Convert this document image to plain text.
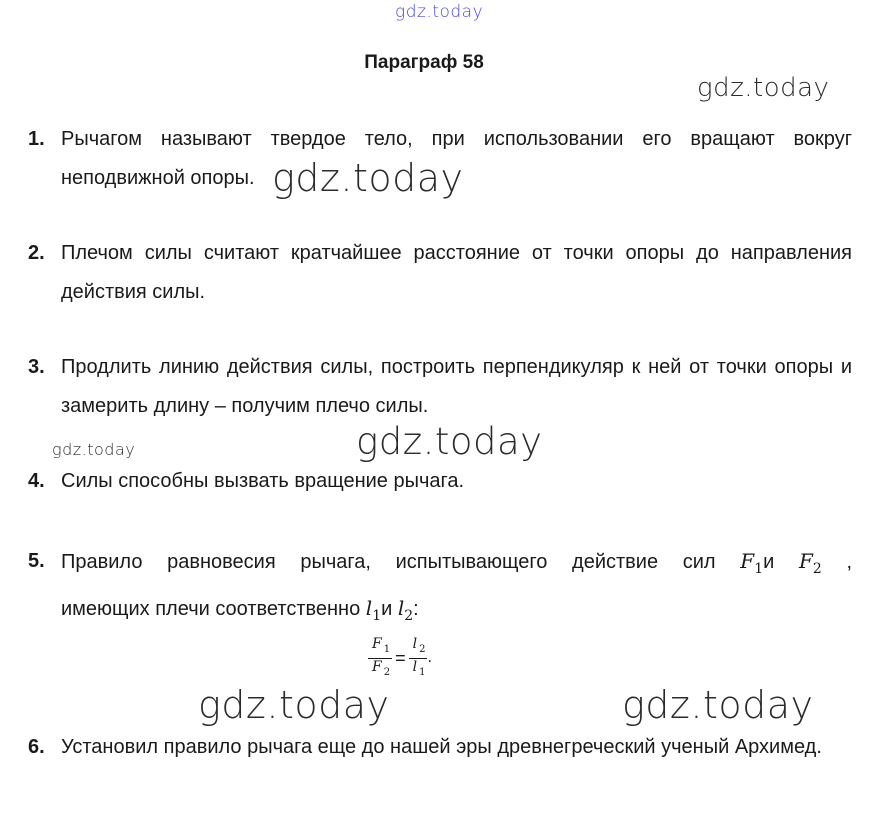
gdz.today
gdz.today
gdz.today
gdz.today	gdz.today
gdz.today	gdz.today
Параграф 58
1. Рычагом называют твердое тело, при использовании его вращают вокруг неподвижной опоры.
2. Плечом силы считают кратчайшее расстояние от точки опоры до направления действия силы.
3. Продлить линию действия силы, построить перпендикуляр к ней от точки опоры и замерить длину – получим плечо силы.
4. Силы способны вызвать вращение рычага.
5. Правило равновесия рычага, испытывающего действие сил $F_1и$ $F_2$ ,
имеющих плечи соответственно $l_1и$ $l_2$:
$\frac{F _1}{F _2} = \frac{l _2}{l _1}$ .
6. Установил правило рычага еще до нашей эры древнегреческий ученый Архимед.
